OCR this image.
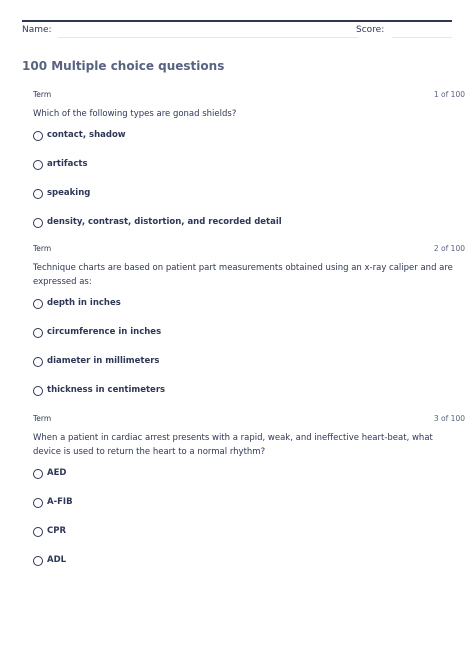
Name:	Score:
100 Multiple choice questions
Term	1 of 100
Which of the following types are gonad shields?
contact, shadow
artifacts
speaking
density, contrast, distortion, and recorded detail
Term	2 of 100
Technique charts are based on patient part measurements obtained using an x-ray caliper and are expressed as:
depth in inches
circumference in inches
diameter in millimeters
thickness in centimeters
Term	3 of 100
When a patient in cardiac arrest presents with a rapid, weak, and ineffective heart-beat, what device is used to return the heart to a normal rhythm?
AED
A-FIB
CPR
ADL
